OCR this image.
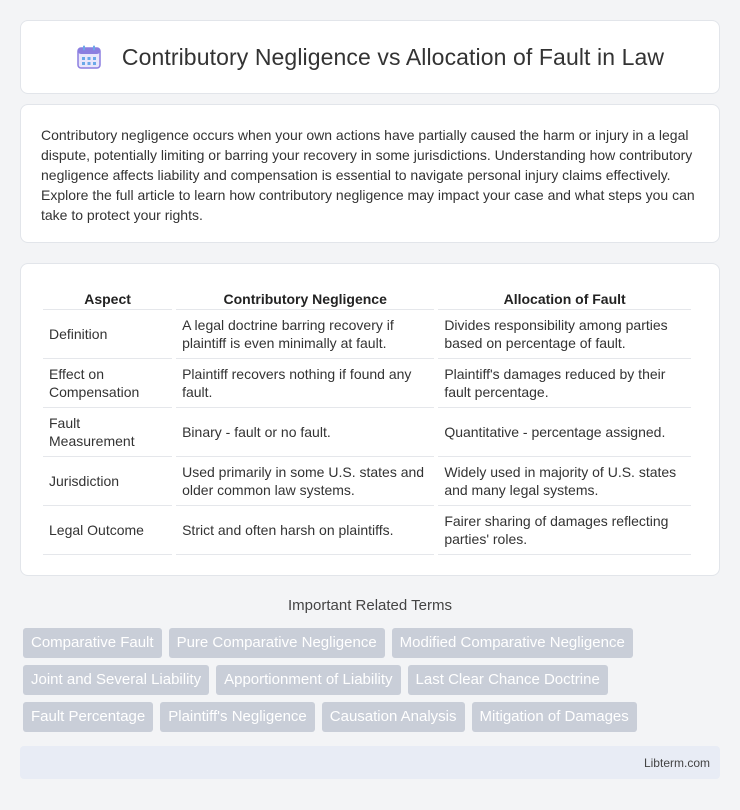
Contributory Negligence vs Allocation of Fault in Law

Contributory negligence occurs when your own actions have partially caused the harm or injury in a legal dispute, potentially limiting or barring your recovery in some jurisdictions. Understanding how contributory negligence affects liability and compensation is essential to navigate personal injury claims effectively. Explore the full article to learn how contributory negligence may impact your case and what steps you can take to protect your rights.

Aspect	Contributory Negligence	Allocation of Fault
Definition	A legal doctrine barring recovery if plaintiff is even minimally at fault.	Divides responsibility among parties based on percentage of fault.
Effect on Compensation	Plaintiff recovers nothing if found any fault.	Plaintiff's damages reduced by their fault percentage.
Fault Measurement	Binary - fault or no fault.	Quantitative - percentage assigned.
Jurisdiction	Used primarily in some U.S. states and older common law systems.	Widely used in majority of U.S. states and many legal systems.
Legal Outcome	Strict and often harsh on plaintiffs.	Fairer sharing of damages reflecting parties' roles.
Important Related Terms
Comparative Fault	Pure Comparative Negligence	Modified Comparative Negligence
Joint and Several Liability	Apportionment of Liability	Last Clear Chance Doctrine
Fault Percentage	Plaintiff's Negligence	Causation Analysis	Mitigation of Damages
Libterm.com
